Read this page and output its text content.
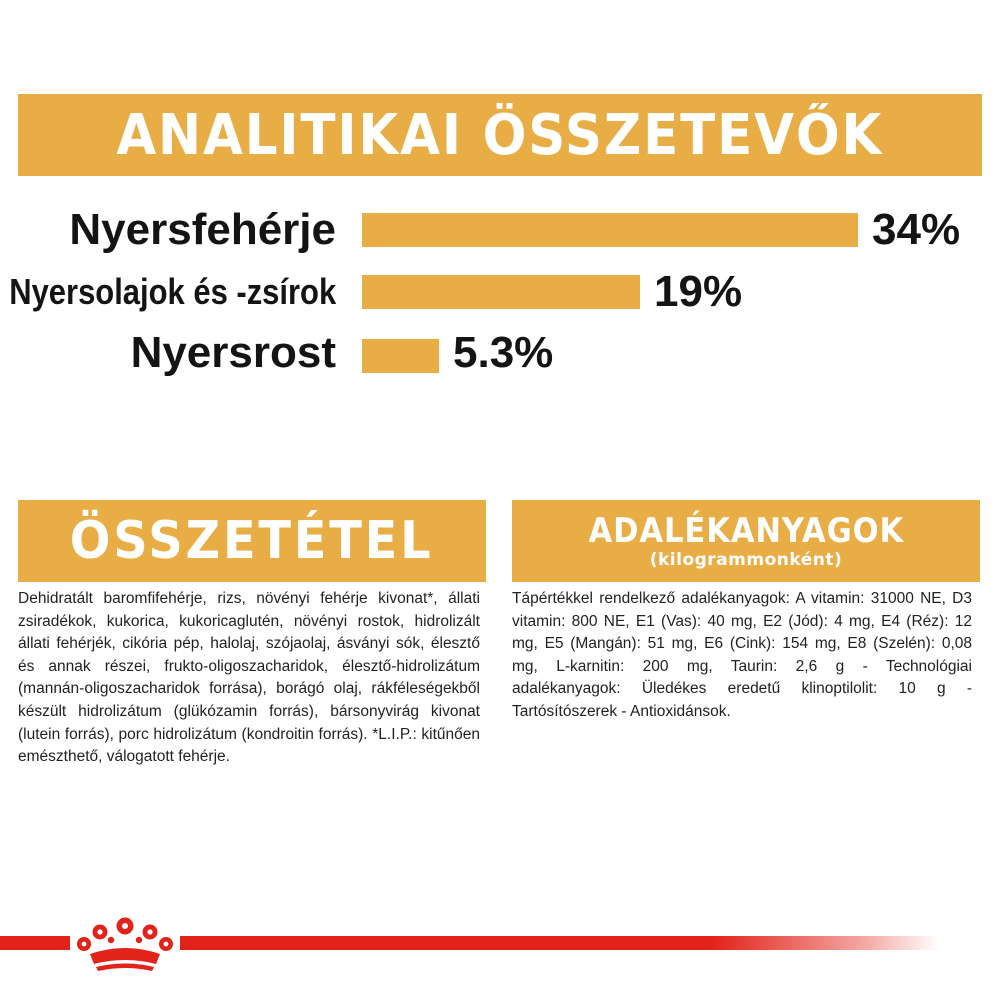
ANALITIKAI ÖSSZETEVŐK
Nyersfehérje	34%
Nyersolajok és -zsírok	19%
Nyersrost	5.3%
ÖSSZETÉTEL	ADALÉKANYAGOK
(kilogrammonként)
Dehidratált baromfifehérje, rizs, növényi fehérje kivonat*, állati zsiradékok, kukorica, kukoricaglutén, növényi rostok, hidrolizált állati fehérjék, cikória pép, halolaj, szójaolaj, ásványi sók, élesztő és annak részei, frukto-oligoszacharidok, élesztő-hidrolizátum (mannán-oligoszacharidok forrása), borágó olaj, rákféleségekből készült hidrolizátum (glükózamin forrás), bársonyvirág kivonat (lutein forrás), porc hidrolizátum (kondroitin forrás). *L.I.P.: kitűnően emészthető, válogatott fehérje.
Tápértékkel rendelkező adalékanyagok: A vitamin: 31000 NE, D3 vitamin: 800 NE, E1 (Vas): 40 mg, E2 (Jód): 4 mg, E4 (Réz): 12 mg, E5 (Mangán): 51 mg, E6 (Cink): 154 mg, E8 (Szelén): 0,08 mg, L-karnitin: 200 mg, Taurin: 2,6 g - Technológiai adalékanyagok: Üledékes eredetű klinoptilolit: 10 g - Tartósítószerek - Antioxidánsok.
